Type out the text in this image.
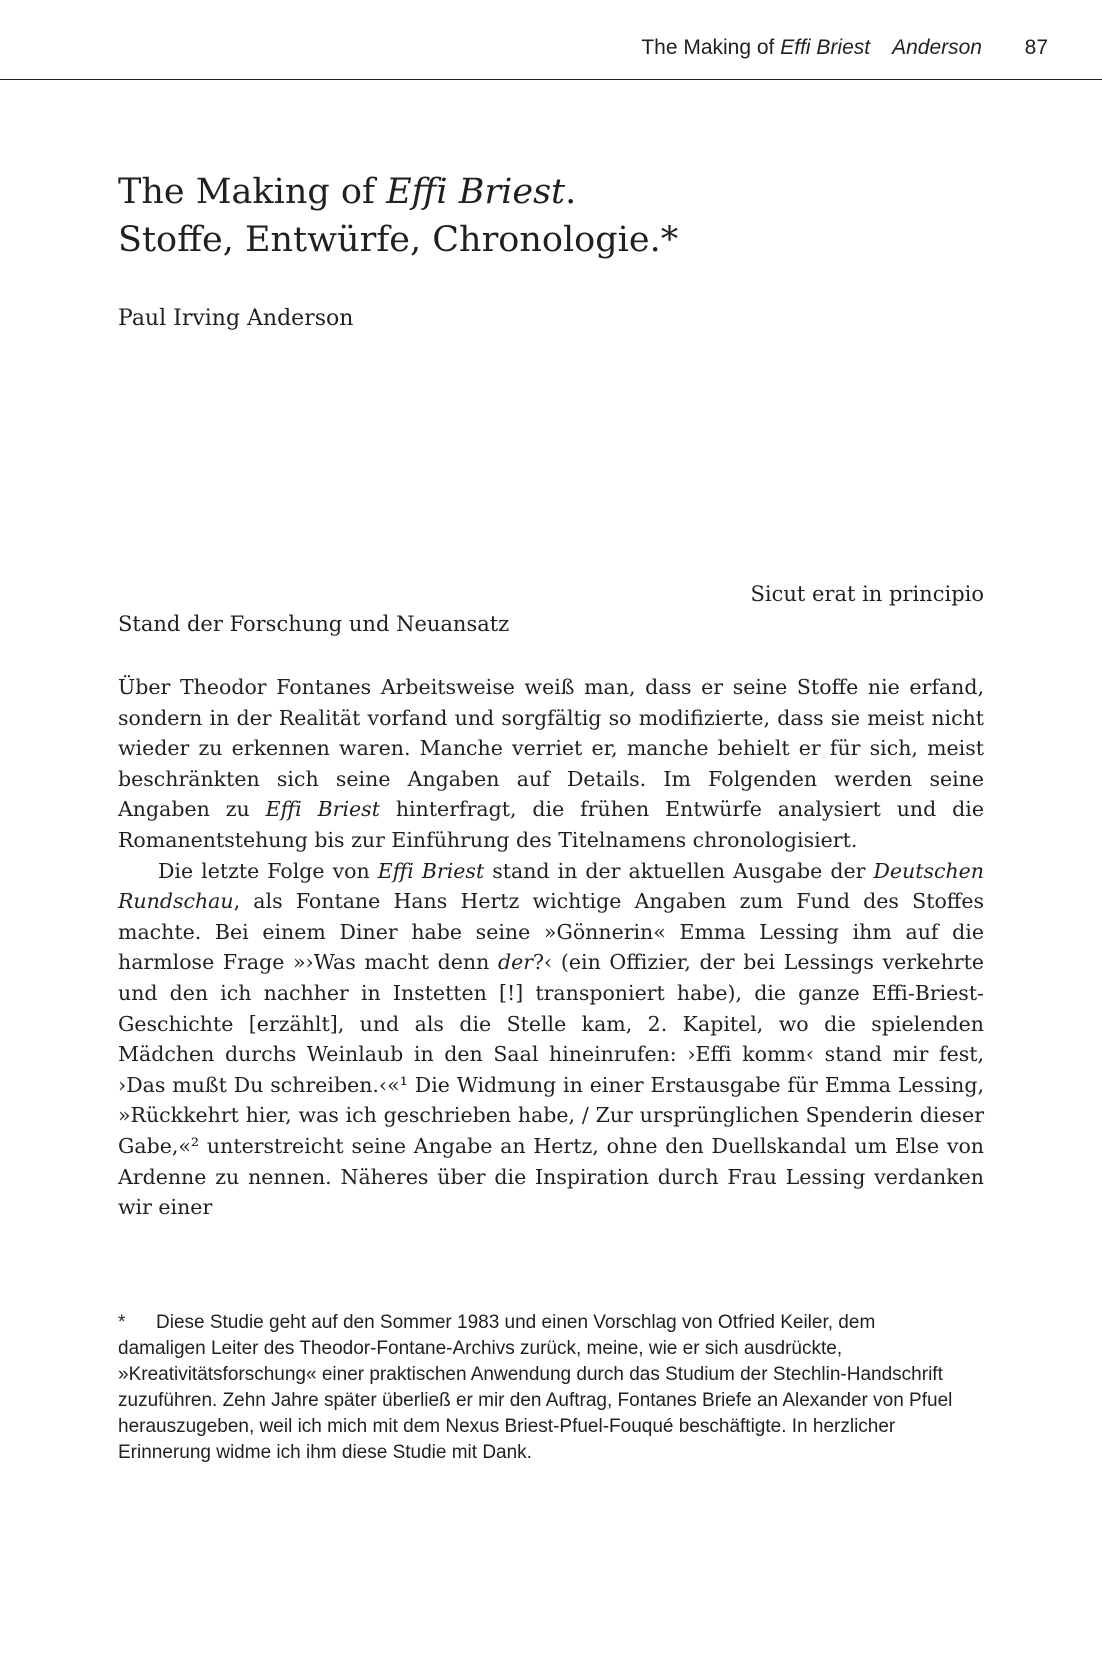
The Making of Effi Briest Anderson 87
The Making of Effi Briest.
Stoffe, Entwürfe, Chronologie.*
Paul Irving Anderson
Sicut erat in principio
Stand der Forschung und Neuansatz

Über Theodor Fontanes Arbeitsweise weiß man, dass er seine Stoffe nie erfand, sondern in der Realität vorfand und sorgfältig so modifizierte, dass sie meist nicht wieder zu erkennen waren. Manche verriet er, manche behielt er für sich, meist beschränkten sich seine Angaben auf Details. Im Folgenden werden seine Angaben zu Effi Briest hinterfragt, die frühen Entwürfe analysiert und die Romanentstehung bis zur Einführung des Titelnamens chronologisiert.

Die letzte Folge von Effi Briest stand in der aktuellen Ausgabe der Deutschen Rundschau, als Fontane Hans Hertz wichtige Angaben zum Fund des Stoffes machte. Bei einem Diner habe seine »Gönnerin« Emma Lessing ihm auf die harmlose Frage »›Was macht denn der?‹ (ein Offizier, der bei Lessings verkehrte und den ich nachher in Instetten [!] transponiert habe), die ganze Effi-Briest-Geschichte [erzählt], und als die Stelle kam, 2. Kapitel, wo die spielenden Mädchen durchs Weinlaub in den Saal hineinrufen: ›Effi komm‹ stand mir fest, ›Das mußt Du schreiben.‹«¹ Die Widmung in einer Erstausgabe für Emma Lessing, »Rückkehrt hier, was ich geschrieben habe, / Zur ursprünglichen Spenderin dieser Gabe,«² unterstreicht seine Angabe an Hertz, ohne den Duellskandal um Else von Ardenne zu nennen. Näheres über die Inspiration durch Frau Lessing verdanken wir einer

* Diese Studie geht auf den Sommer 1983 und einen Vorschlag von Otfried Keiler, dem damaligen Leiter des Theodor-Fontane-Archivs zurück, meine, wie er sich ausdrückte, »Kreativitätsforschung« einer praktischen Anwendung durch das Studium der Stechlin-Handschrift zuzuführen. Zehn Jahre später überließ er mir den Auftrag, Fontanes Briefe an Alexander von Pfuel herauszugeben, weil ich mich mit dem Nexus Briest-Pfuel-Fouqué beschäftigte. In herzlicher Erinnerung widme ich ihm diese Studie mit Dank.
